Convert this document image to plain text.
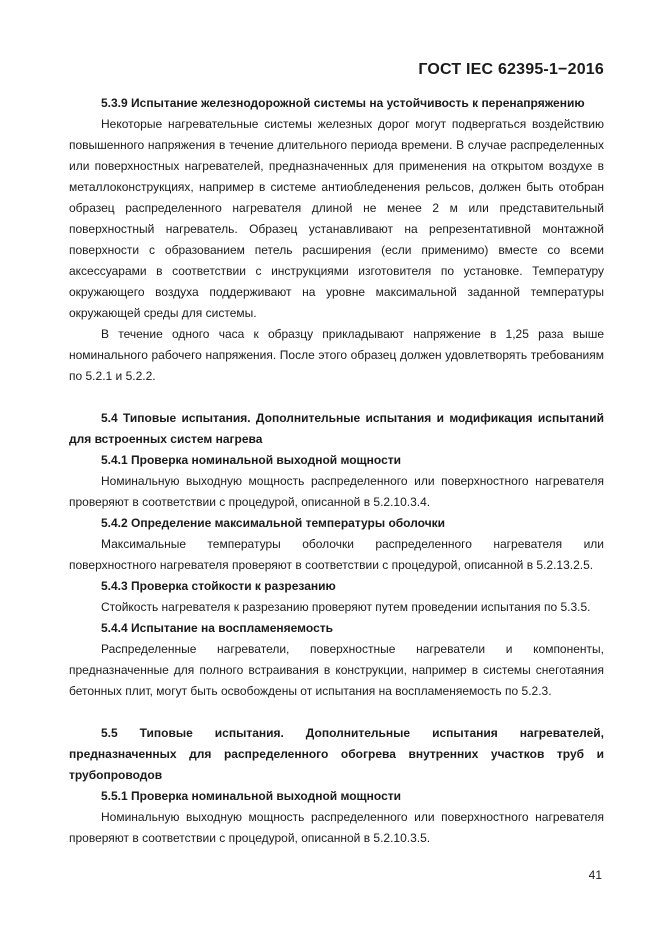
ГОСТ IEC 62395-1−2016

5.3.9 Испытание железнодорожной системы на устойчивость к перенапряжению

Некоторые нагревательные системы железных дорог могут подвергаться воздействию повышенного напряжения в течение длительного периода времени. В случае распределенных или поверхностных нагревателей, предназначенных для применения на открытом воздухе в металлоконструкциях, например в системе антиобледенения рельсов, должен быть отобран образец распределенного нагревателя длиной не менее 2 м или представительный поверхностный нагреватель. Образец устанавливают на репрезентативной монтажной поверхности с образованием петель расширения (если применимо) вместе со всеми аксессуарами в соответствии с инструкциями изготовителя по установке. Температуру окружающего воздуха поддерживают на уровне максимальной заданной температуры окружающей среды для системы.

В течение одного часа к образцу прикладывают напряжение в 1,25 раза выше номинального рабочего напряжения. После этого образец должен удовлетворять требованиям по 5.2.1 и 5.2.2.

5.4 Типовые испытания. Дополнительные испытания и модификация испытаний для встроенных систем нагрева

5.4.1 Проверка номинальной выходной мощности

Номинальную выходную мощность распределенного или поверхностного нагревателя проверяют в соответствии с процедурой, описанной в 5.2.10.3.4.

5.4.2 Определение максимальной температуры оболочки

Максимальные температуры оболочки распределенного нагревателя или поверхностного нагревателя проверяют в соответствии с процедурой, описанной в 5.2.13.2.5.

5.4.3 Проверка стойкости к разрезанию

Стойкость нагревателя к разрезанию проверяют путем проведении испытания по 5.3.5.

5.4.4 Испытание на воспламеняемость

Распределенные нагреватели, поверхностные нагреватели и компоненты, предназначенные для полного встраивания в конструкции, например в системы снеготаяния бетонных плит, могут быть освобождены от испытания на воспламеняемость по 5.2.3.

5.5 Типовые испытания. Дополнительные испытания нагревателей, предназначенных для распределенного обогрева внутренних участков труб и трубопроводов

5.5.1 Проверка номинальной выходной мощности

Номинальную выходную мощность распределенного или поверхностного нагревателя проверяют в соответствии с процедурой, описанной в 5.2.10.3.5.

41
